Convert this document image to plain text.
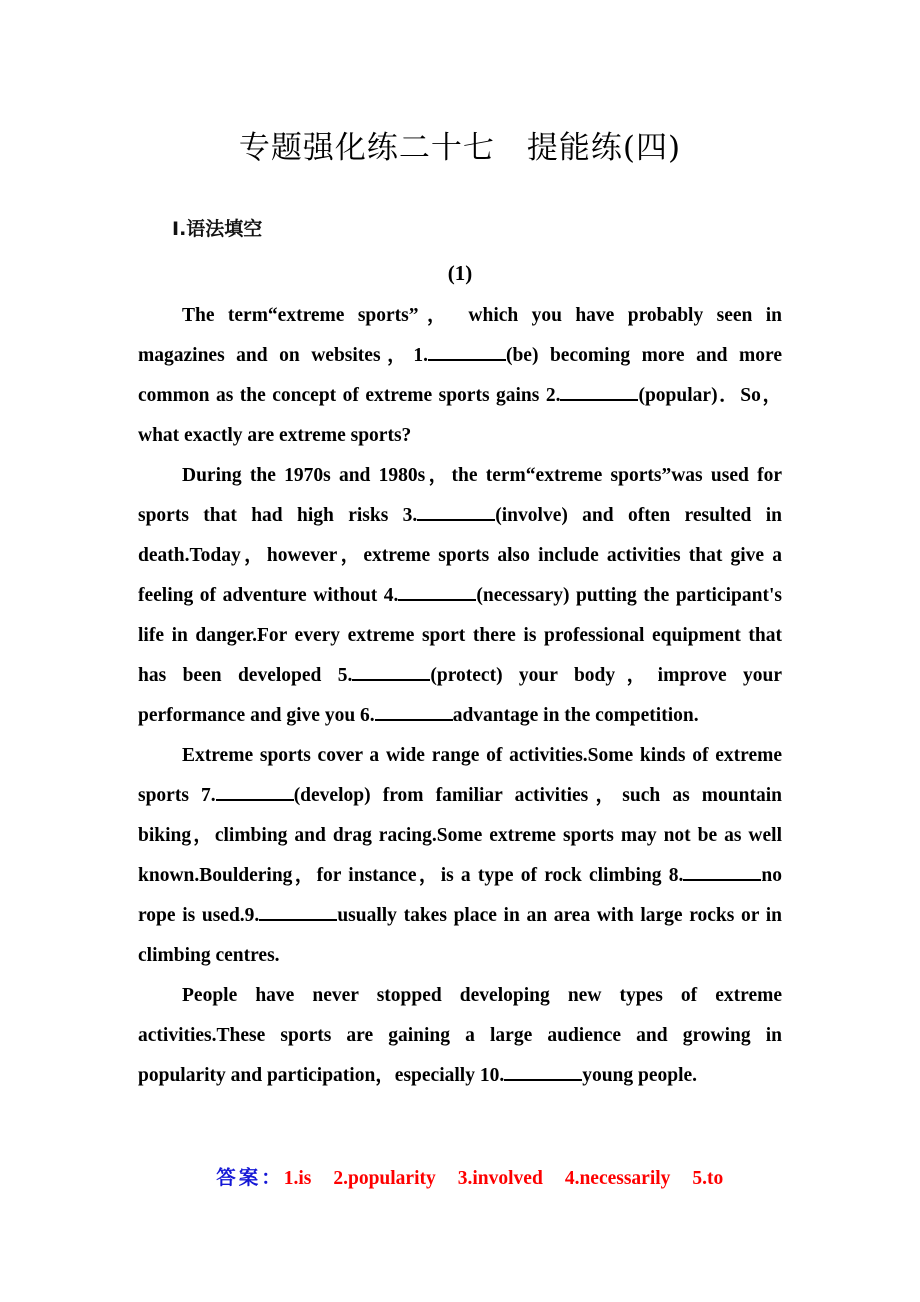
专题强化练二十七　提能练(四)
Ⅰ.语法填空
(1)

The term“extreme sports”， which you have probably seen in magazines and on websites，1.	(be) becoming more and more common as the concept of extreme sports gains 2.	(popular)．So，what exactly are extreme sports?

During the 1970s and 1980s，the term“extreme sports”was used for sports that had high risks 3.	(involve) and often resulted in death.Today，however，extreme sports also include activities that give a feeling of adventure without 4.	(necessary) putting the participant's life in danger.For every extreme sport there is professional equipment that has been developed 5.	(protect) your body，improve your performance and give you 6.	advantage in the competition.

Extreme sports cover a wide range of activities.Some kinds of extreme sports 7.	(develop) from familiar activities，such as mountain biking，climbing and drag racing.Some extreme sports may not be as well known.Bouldering，for instance，is a type of rock climbing 8.	no rope is used.9.	usually takes place in an area with large rocks or in climbing centres.

People have never stopped developing new types of extreme activities.These sports are gaining a large audience and growing in popularity and participation，especially 10.	young people.

答案：1.is 2.popularity 3.involved 4.necessarily 5.to
